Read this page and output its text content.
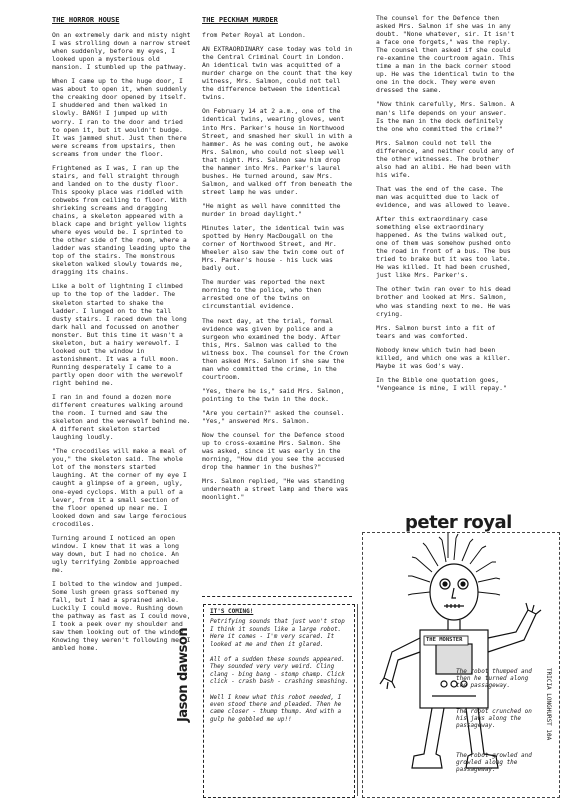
THE HORROR HOUSE

On an extremely dark and misty night I was strolling down a narrow street when suddenly, before my eyes, I looked upon a mysterious old mansion. I stumbled up the pathway.

When I came up to the huge door, I was about to open it, when suddenly the creaking door opened by itself. I shuddered and then walked in slowly. BANG! I jumped up with worry. I ran to the door and tried to open it, but it wouldn't budge. It was jammed shut. Just then there were screams from upstairs, then screams from under the floor.

Frightened as I was, I ran up the stairs, and fell straight through and landed on to the dusty floor. This spooky place was riddled with cobwebs from ceiling to floor. With shrieking screams and dragging chains, a skeleton appeared with a black cape and bright yellow lights where eyes would be. I sprinted to the other side of the room, where a ladder was standing leading upto the top of the stairs. The monstrous skeleton walked slowly towards me, dragging its chains.

Like a bolt of lightning I climbed up to the top of the ladder. The skeleton started to shake the ladder. I lunged on to the tall dusty stairs. I raced down the long dark hall and focussed on another monster. But this time it wasn't a skeleton, but a hairy werewolf. I looked out the window in astonishment. It was a full moon. Running desperately I came to a partly open door with the werewolf right behind me.

I ran in and found a dozen more different creatures walking around the room. I turned and saw the skeleton and the werewolf behind me. A different skeleton started laughing loudly.

"The crocodiles will make a meal of you," the skeleton said. The whole lot of the monsters started laughing. At the corner of my eye I caught a glimpse of a green, ugly, one-eyed cyclops. With a pull of a lever, from it a small section of the floor opened up near me. I looked down and saw large ferocious crocodiles.

Turning around I noticed an open window. I knew that it was a long way down, but I had no choice. An ugly terrifying Zombie approached me.

I bolted to the window and jumped. Some lush green grass softened my fall, but I had a sprained ankle. Luckily I could move. Rushing down the pathway as fast as I could move, I took a peek over my shoulder and saw them looking out of the window. Knowing they weren't following me, I ambled home.	Jason dawson

THE PECKHAM MURDER

from Peter Royal at London.

AN EXTRAORDINARY case today was told in the Central Criminal Court in London. An identical twin was acquitted of a murder charge on the count that the key witness, Mrs. Salmon, could not tell the difference between the identical twins.

On February 14 at 2 a.m., one of the identical twins, wearing gloves, went into Mrs. Parker's house in Northwood Street, and smashed her skull in with a hammer. As he was coming out, he awoke Mrs. Salmon, who could not sleep well that night. Mrs. Salmon saw him drop the hammer into Mrs. Parker's laurel bushes. He turned around, saw Mrs. Salmon, and walked off from beneath the street lamp he was under.

"He might as well have committed the murder in broad daylight."

Minutes later, the identical twin was spotted by Henry MacDougall on the corner of Northwood Street, and Mr. Wheeler also saw the twin come out of Mrs. Parker's house - his luck was badly out.

The murder was reported the next morning to the police, who then arrested one of the twins on circumstantial evidence.

The next day, at the trial, formal evidence was given by police and a surgeon who examined the body. After this, Mrs. Salmon was called to the witness box. The counsel for the Crown then asked Mrs. Salmon if she saw the man who committed the crime, in the courtroom.

"Yes, there he is," said Mrs. Salmon, pointing to the twin in the dock.

"Are you certain?" asked the counsel. "Yes," answered Mrs. Salmon.

Now the counsel for the Defence stood up to cross-examine Mrs. Salmon. She was asked, since it was early in the morning, "How did you see the accused drop the hammer in the bushes?"

Mrs. Salmon replied, "He was standing underneath a street lamp and there was moonlight."

IT'S COMING!

Petrifying sounds that just won't stop I think it sounds like a large robot. Here it comes - I'm very scared. It looked at me and then it glared.

All of a sudden these sounds appeared. They sounded very very weird. Cling clang - bing bang - stomp champ. Click click - crash bash - crashing smashing.

Well I knew what this robot needed, I even stood there and pleaded. Then he came closer - thump thump. And with a gulp he gobbled me up!!

The counsel for the Defence then asked Mrs. Salmon if she was in any doubt. "None whatever, sir. It isn't a face one forgets," was the reply. The counsel then asked if she could re-examine the courtroom again. This time a man in the back corner stood up. He was the identical twin to the one in the dock. They were even dressed the same.

"Now think carefully, Mrs. Salmon. A man's life depends on your answer. Is the man in the dock definitely the one who committed the crime?"

Mrs. Salmon could not tell the difference, and neither could any of the other witnesses. The brother also had an alibi. He had been with his wife.

That was the end of the case. The man was acquitted due to lack of evidence, and was allowed to leave.

After this extraordinary case something else extraordinary happened. As the twins walked out, one of them was somehow pushed onto the road in front of a bus. The bus tried to brake but it was too late. He was killed. It had been crushed, just like Mrs. Parker's.

The other twin ran over to his dead brother and looked at Mrs. Salmon, who was standing next to me. He was crying.

Mrs. Salmon burst into a fit of tears and was comforted.

Nobody knew which twin had been killed, and which one was a killer. Maybe it was God's way.

In the Bible one quotation goes, "Vengeance is mine, I will repay."

peter royal
THE MONSTER
The robot thumped and then he turned along the passageway.
The robot crunched on his jaws along the passageway.
The robot growled and growled along the passageway.
TRICIA LONGHURST 10A
